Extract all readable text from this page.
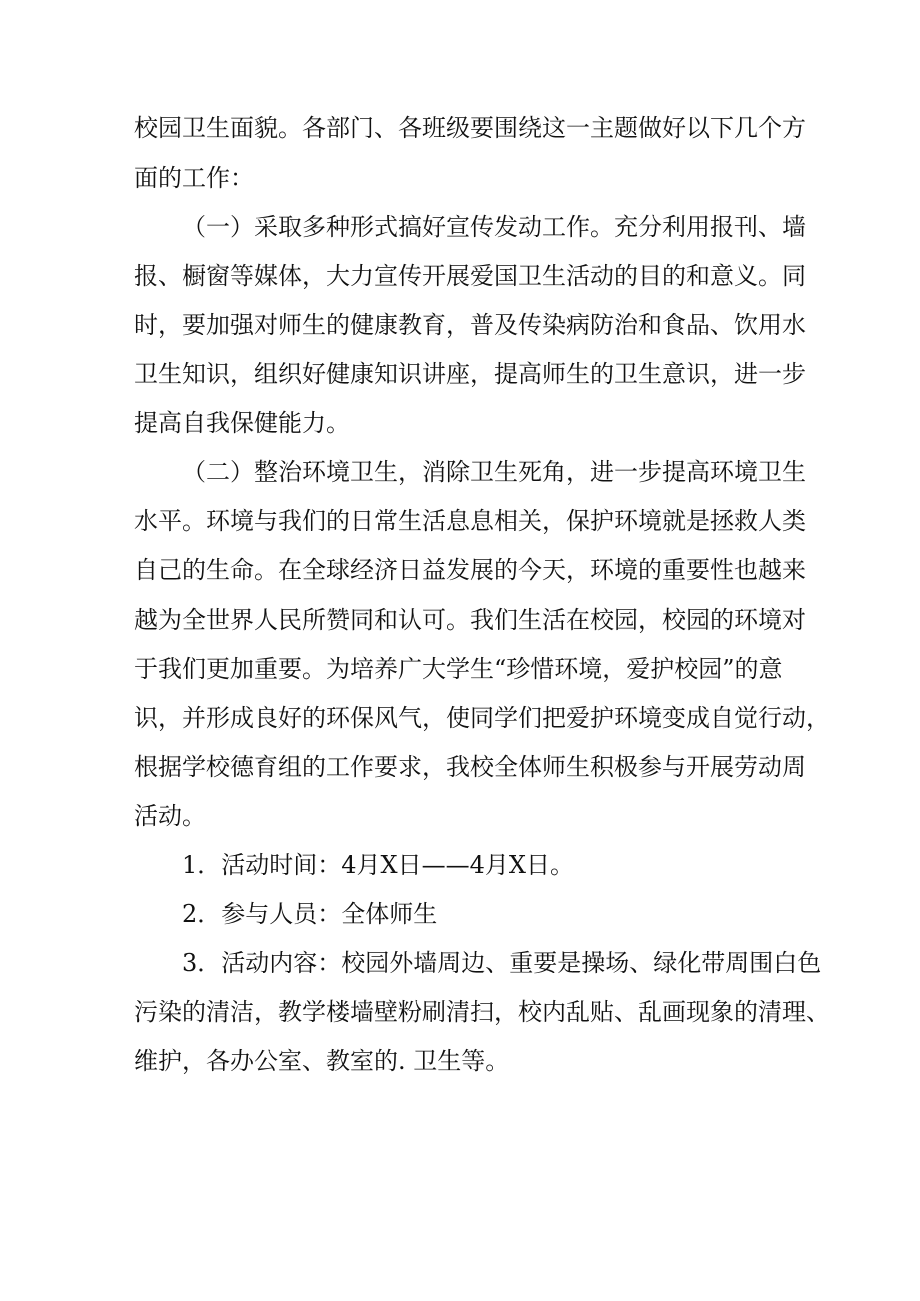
校园卫生面貌。各部门、各班级要围绕这一主题做好以下几个方
面的工作：
（一）采取多种形式搞好宣传发动工作。充分利用报刊、墙
报、橱窗等媒体，大力宣传开展爱国卫生活动的目的和意义。同
时，要加强对师生的健康教育，普及传染病防治和食品、饮用水
卫生知识，组织好健康知识讲座，提高师生的卫生意识，进一步
提高自我保健能力。
（二）整治环境卫生，消除卫生死角，进一步提高环境卫生
水平。环境与我们的日常生活息息相关，保护环境就是拯救人类
自己的生命。在全球经济日益发展的今天，环境的重要性也越来
越为全世界人民所赞同和认可。我们生活在校园，校园的环境对
于我们更加重要。为培养广大学生“珍惜环境，爱护校园”的意
识，并形成良好的环保风气，使同学们把爱护环境变成自觉行动，
根据学校德育组的工作要求，我校全体师生积极参与开展劳动周
活动。
1．活动时间：4月X日——4月X日。
2．参与人员：全体师生
3．活动内容：校园外墙周边、重要是操场、绿化带周围白色
污染的清洁，教学楼墙壁粉刷清扫，校内乱贴、乱画现象的清理、
维护，各办公室、教室的. 卫生等。
